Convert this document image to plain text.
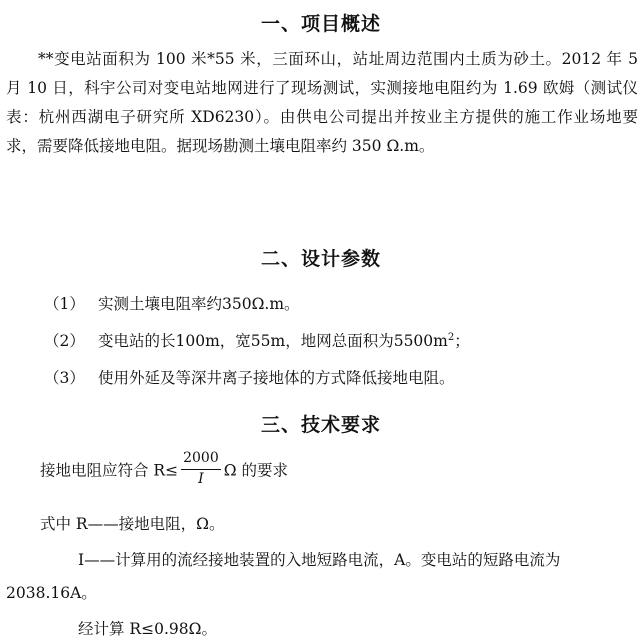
一、项目概述
**变电站面积为 100 米*55 米，三面环山，站址周边范围内土质为砂土。2012 年 5 月 10 日，科宇公司对变电站地网进行了现场测试，实测接地电阻约为 1.69 欧姆（测试仪表：杭州西湖电子研究所 XD6230）。由供电公司提出并按业主方提供的施工作业场地要求，需要降低接地电阻。据现场勘测土壤电阻率约 350 Ω.m。
二、设计参数
（1） 实测土壤电阻率约350Ω.m。
（2） 变电站的长100m，宽55m，地网总面积为$5500m^2$；
（3） 使用外延及等深井离子接地体的方式降低接地电阻。
三、技术要求
接地电阻应符合 $R\le \frac{2000}{I}$ Ω 的要求
式中 R——接地电阻，Ω。
I——计算用的流经接地装置的入地短路电流，A。变电站的短路电流为
2038.16A。
经计算 R≤0.98Ω。
